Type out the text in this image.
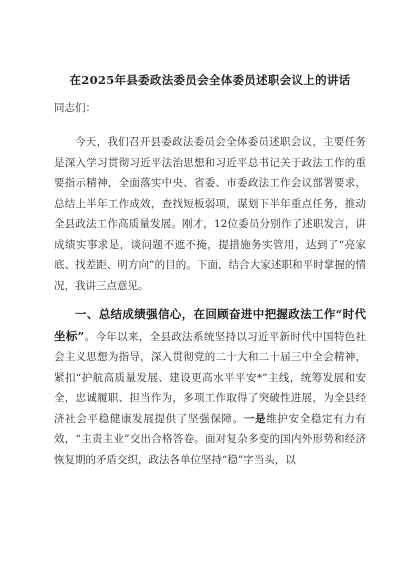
在2025年县委政法委员会全体委员述职会议上的讲话

同志们：

今天，我们召开县委政法委员会全体委员述职会议，主要任务是深入学习贯彻习近平法治思想和习近平总书记关于政法工作的重要指示精神，全面落实中央、省委、市委政法工作会议部署要求，总结上半年工作成效，查找短板弱项，谋划下半年重点任务，推动全县政法工作高质量发展。刚才，12位委员分别作了述职发言，讲成绩实事求是，谈问题不遮不掩，提措施务实管用，达到了“亮家底、找差距、明方向”的目的。下面，结合大家述职和平时掌握的情况，我讲三点意见。

一、总结成绩强信心，在回顾奋进中把握政法工作“时代坐标”。今年以来，全县政法系统坚持以习近平新时代中国特色社会主义思想为指导，深入贯彻党的二十大和二十届三中全会精神，紧扣“护航高质量发展、建设更高水平平安*”主线，统筹发展和安全，忠诚履职、担当作为，多项工作取得了突破性进展，为全县经济社会平稳健康发展提供了坚强保障。一是维护安全稳定有力有效，“主责主业”交出合格答卷。面对复杂多变的国内外形势和经济恢复期的矛盾交织，政法各单位坚持“稳”字当头，以
